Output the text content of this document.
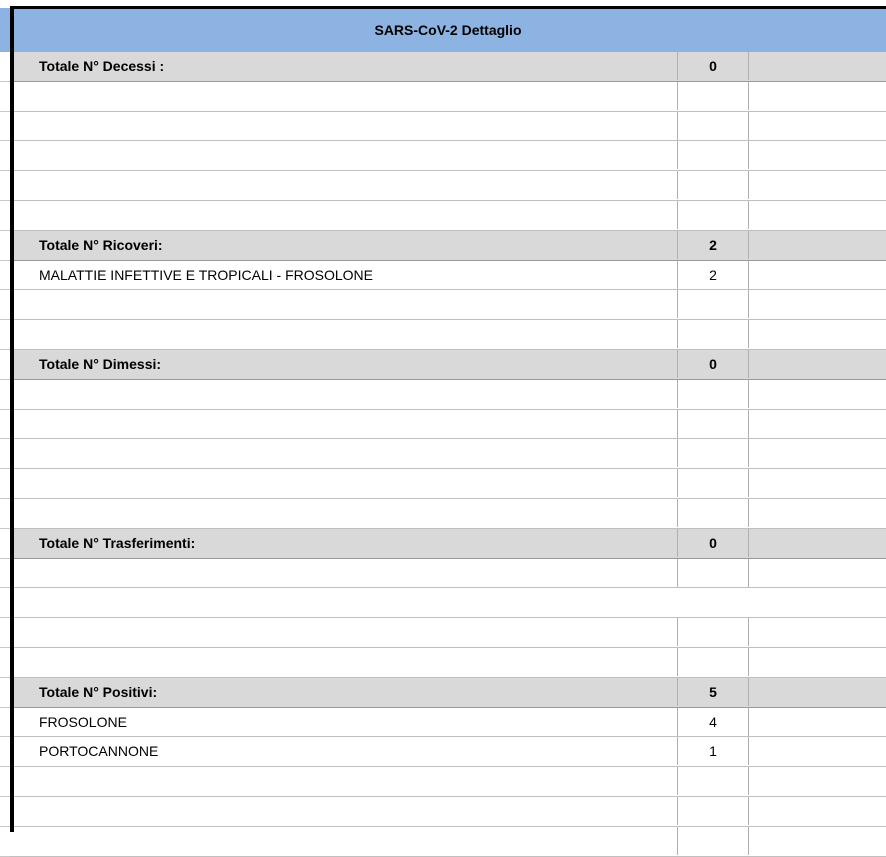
SARS-CoV-2 Dettaglio
Totale N° Decessi :	0
Totale N° Ricoveri:	2
MALATTIE INFETTIVE E TROPICALI - FROSOLONE	2
Totale N° Dimessi:	0
Totale N° Trasferimenti:	0
Totale N° Positivi:	5
FROSOLONE	4
PORTOCANNONE	1
